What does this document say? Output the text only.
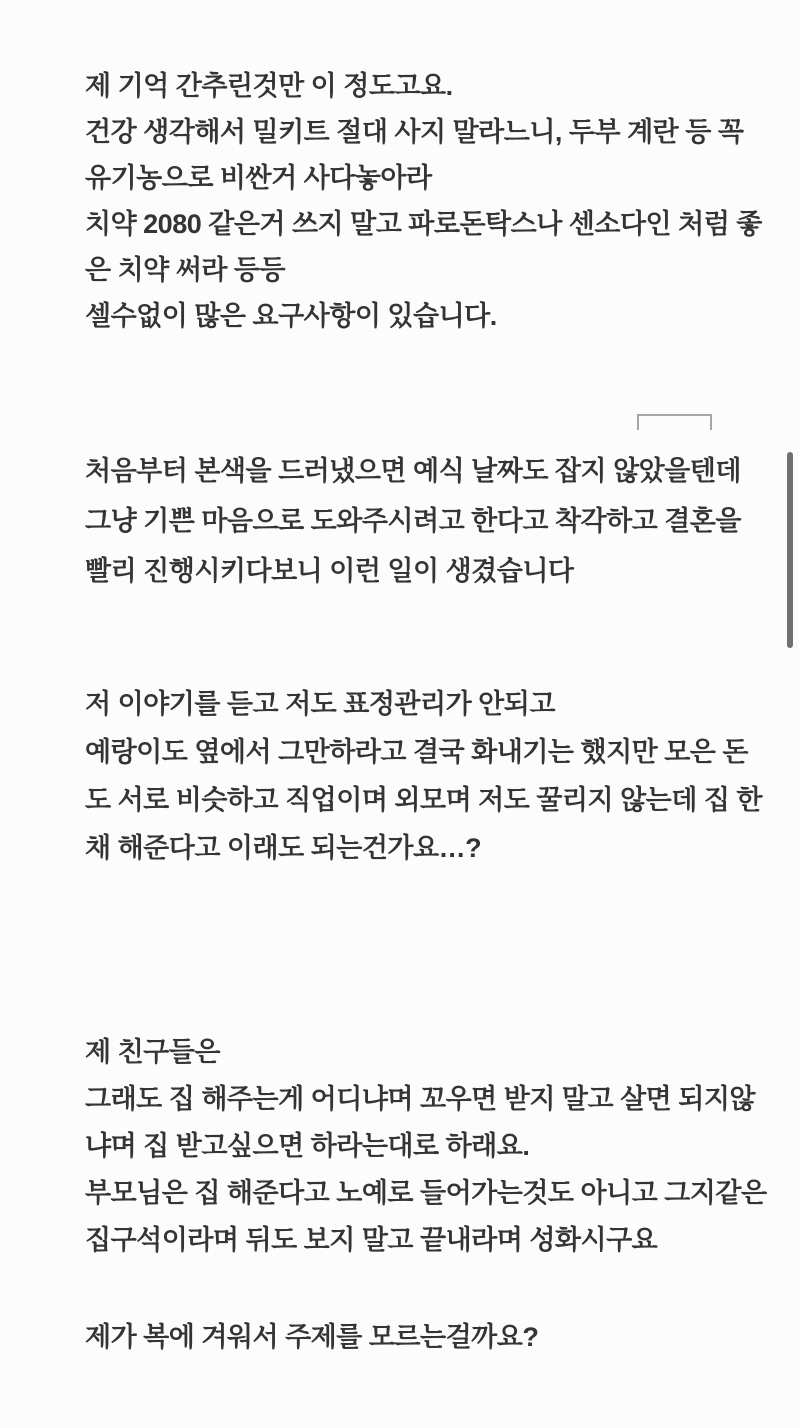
제 기억 간추린것만 이 정도고요.
건강 생각해서 밀키트 절대 사지 말라느니, 두부 계란 등 꼭
유기농으로 비싼거 사다놓아라
치약 2080 같은거 쓰지 말고 파로돈탁스나 센소다인 처럼 좋
은 치약 써라 등등
셀수없이 많은 요구사항이 있습니다.
처음부터 본색을 드러냈으면 예식 날짜도 잡지 않았을텐데
그냥 기쁜 마음으로 도와주시려고 한다고 착각하고 결혼을
빨리 진행시키다보니 이런 일이 생겼습니다
저 이야기를 듣고 저도 표정관리가 안되고
예랑이도 옆에서 그만하라고 결국 화내기는 했지만 모은 돈
도 서로 비슷하고 직업이며 외모며 저도 꿀리지 않는데 집 한
채 해준다고 이래도 되는건가요…?
제 친구들은
그래도 집 해주는게 어디냐며 꼬우면 받지 말고 살면 되지않
냐며 집 받고싶으면 하라는대로 하래요.
부모님은 집 해준다고 노예로 들어가는것도 아니고 그지같은
집구석이라며 뒤도 보지 말고 끝내라며 성화시구요
제가 복에 겨워서 주제를 모르는걸까요?
